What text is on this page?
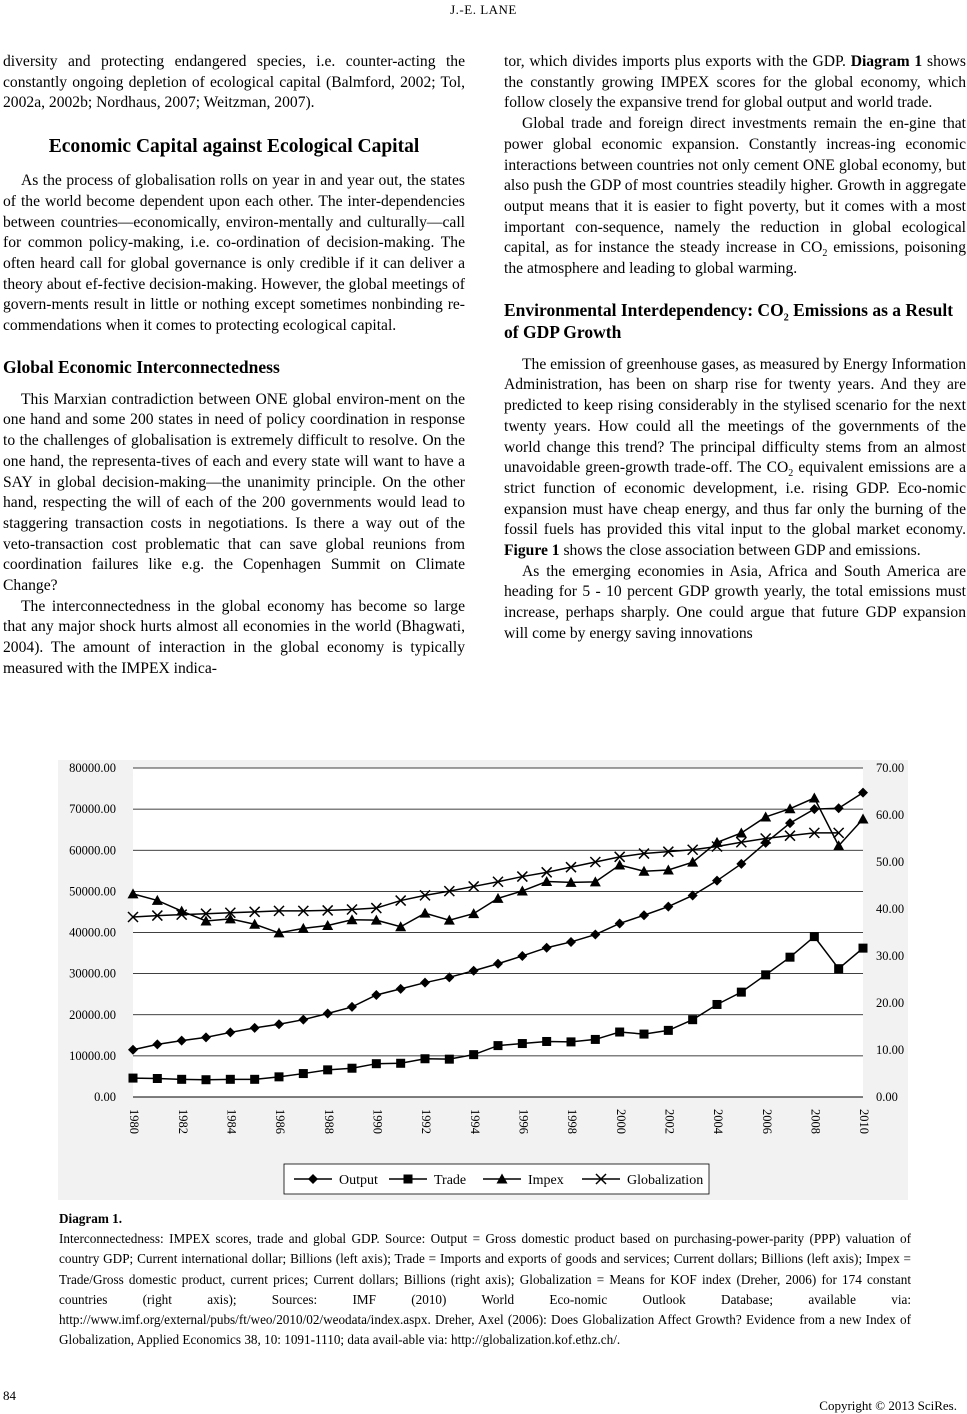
J.-E. LANE

diversity and protecting endangered species, i.e. counter-acting the constantly ongoing depletion of ecological capital (Balmford, 2002; Tol, 2002a, 2002b; Nordhaus, 2007; Weitzman, 2007).

Economic Capital against Ecological Capital

As the process of globalisation rolls on year in and year out, the states of the world become dependent upon each other. The inter-dependencies between countries—economically, environ-mentally and culturally—call for common policy-making, i.e. co-ordination of decision-making. The often heard call for global governance is only credible if it can deliver a theory about ef-fective decision-making. However, the global meetings of govern-ments result in little or nothing except sometimes nonbinding re-commendations when it comes to protecting ecological capital.

Global Economic Interconnectedness

This Marxian contradiction between ONE global environ-ment on the one hand and some 200 states in need of policy coordination in response to the challenges of globalisation is extremely difficult to resolve. On the one hand, the representa-tives of each and every state will want to have a SAY in global decision-making—the unanimity principle. On the other hand, respecting the will of each of the 200 governments would lead to staggering transaction costs in negotiations. Is there a way out of the veto-transaction cost problematic that can save global reunions from coordination failures like e.g. the Copenhagen Summit on Climate Change?

The interconnectedness in the global economy has become so large that any major shock hurts almost all economies in the world (Bhagwati, 2004). The amount of interaction in the global economy is typically measured with the IMPEX indica-

tor, which divides imports plus exports with the GDP. Diagram 1 shows the constantly growing IMPEX scores for the global economy, which follow closely the expansive trend for global output and world trade.

Global trade and foreign direct investments remain the en-gine that power global economic expansion. Constantly increas-ing economic interactions between countries not only cement ONE global economy, but also push the GDP of most countries steadily higher. Growth in aggregate output means that it is easier to fight poverty, but it comes with a most important con-sequence, namely the reduction in global ecological capital, as for instance the steady increase in $CO_2$ emissions, poisoning the atmosphere and leading to global warming.

Environmental Interdependency: $CO_2$ Emissions as a Result of GDP Growth

The emission of greenhouse gases, as measured by Energy Information Administration, has been on sharp rise for twenty years. And they are predicted to keep rising considerably in the stylised scenario for the next twenty years. How could all the meetings of the governments of the world change this trend? The principal difficulty stems from an almost unavoidable green-growth trade-off. The $CO_2$ equivalent emissions are a strict function of economic development, i.e. rising GDP. Eco-nomic expansion must have cheap energy, and thus far only the burning of the fossil fuels has provided this vital input to the global market economy. Figure 1 shows the close association between GDP and emissions.

As the emerging economies in Asia, Africa and South America are heading for 5 - 10 percent GDP growth yearly, the total emissions must increase, perhaps sharply. One could argue that future GDP expansion will come by energy saving innovations

0.00
10000.00
20000.00
30000.00
40000.00
50000.00
60000.00
70000.00
80000.00
0.00
10.00
20.00
30.00
40.00
50.00
60.00
70.00
1980	1982	1984	1986	1988	1990	1992	1994	1996	1998	2000	2002	2004	2006	2008	2010
Output	Trade	Impex	Globalization
Diagram 1.
Interconnectedness: IMPEX scores, trade and global GDP. Source: Output = Gross domestic product based on purchasing-power-parity (PPP) valuation of country GDP; Current international dollar; Billions (left axis); Trade = Imports and exports of goods and services; Current dollars; Billions (left axis); Impex = Trade/Gross domestic product, current prices; Current dollars; Billions (right axis); Globalization = Means for KOF index (Dreher, 2006) for 174 constant countries (right axis); Sources: IMF (2010) World Eco-nomic Outlook Database; available via: http://www.imf.org/external/pubs/ft/weo/2010/02/weodata/index.aspx. Dreher, Axel (2006): Does Globalization Affect Growth? Evidence from a new Index of Globalization, Applied Economics 38, 10: 1091-1110; data avail-able via: http://globalization.kof.ethz.ch/.
84
Copyright © 2013 SciRes.
